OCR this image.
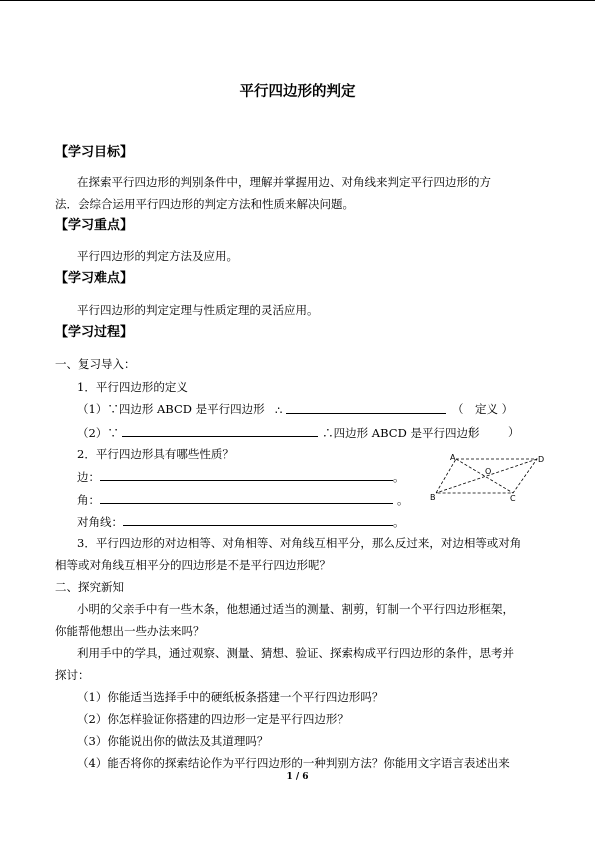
平行四边形的判定
【学习目标】
在探索平行四边形的判别条件中，理解并掌握用边、对角线来判定平行四边形的方
法．会综合运用平行四边形的判定方法和性质来解决问题。
【学习重点】
平行四边形的判定方法及应用。
【学习难点】
平行四边形的判定定理与性质定理的灵活应用。
【学习过程】
一、复习导入：
1．平行四边形的定义
（1）∵四边形 ABCD 是平行四边形 ∴	（　定义 ）
（2）∵	∴四边形 ABCD 是平行四边形
（　　　）
2．平行四边形具有哪些性质？
边：	。
角：	。
对角线：	。
A
O
D
B	C
3．平行四边形的对边相等、对角相等、对角线互相平分，那么反过来，对边相等或对角
相等或对角线互相平分的四边形是不是平行四边形呢？
二、探究新知
小明的父亲手中有一些木条，他想通过适当的测量、割剪，钉制一个平行四边形框架，
你能帮他想出一些办法来吗？
利用手中的学具，通过观察、测量、猜想、验证、探索构成平行四边形的条件，思考并
探讨：
（1）你能适当选择手中的硬纸板条搭建一个平行四边形吗？
（2）你怎样验证你搭建的四边形一定是平行四边形？
（3）你能说出你的做法及其道理吗？
（4）能否将你的探索结论作为平行四边形的一种判别方法？你能用文字语言表述出来
1 / 6
